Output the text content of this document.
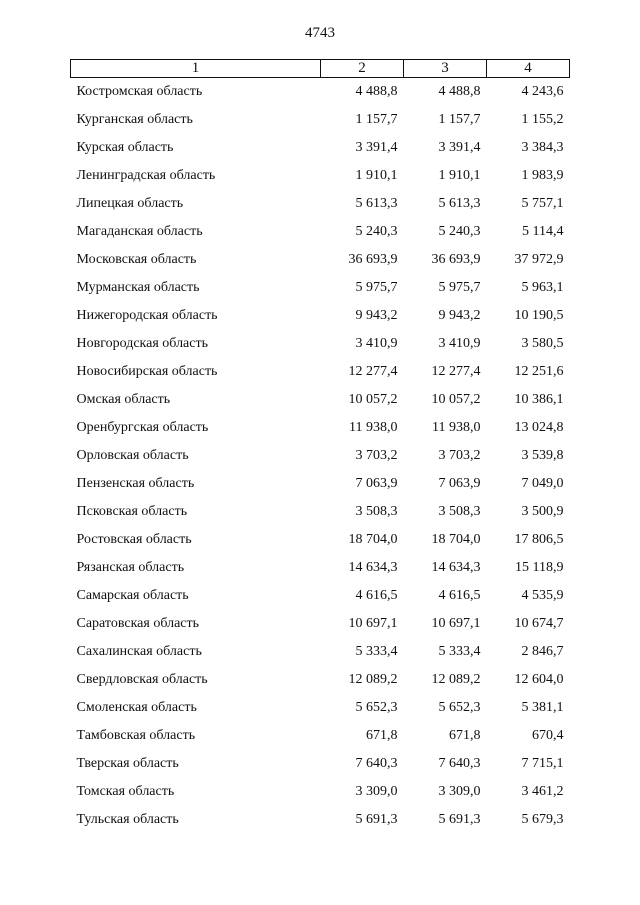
4743
1	2	3	4
Костромская область	4 488,8	4 488,8	4 243,6
Курганская область	1 157,7	1 157,7	1 155,2
Курская область	3 391,4	3 391,4	3 384,3
Ленинградская область	1 910,1	1 910,1	1 983,9
Липецкая область	5 613,3	5 613,3	5 757,1
Магаданская область	5 240,3	5 240,3	5 114,4
Московская область	36 693,9	36 693,9	37 972,9
Мурманская область	5 975,7	5 975,7	5 963,1
Нижегородская область	9 943,2	9 943,2	10 190,5
Новгородская область	3 410,9	3 410,9	3 580,5
Новосибирская область	12 277,4	12 277,4	12 251,6
Омская область	10 057,2	10 057,2	10 386,1
Оренбургская область	11 938,0	11 938,0	13 024,8
Орловская область	3 703,2	3 703,2	3 539,8
Пензенская область	7 063,9	7 063,9	7 049,0
Псковская область	3 508,3	3 508,3	3 500,9
Ростовская область	18 704,0	18 704,0	17 806,5
Рязанская область	14 634,3	14 634,3	15 118,9
Самарская область	4 616,5	4 616,5	4 535,9
Саратовская область	10 697,1	10 697,1	10 674,7
Сахалинская область	5 333,4	5 333,4	2 846,7
Свердловская область	12 089,2	12 089,2	12 604,0
Смоленская область	5 652,3	5 652,3	5 381,1
Тамбовская область	671,8	671,8	670,4
Тверская область	7 640,3	7 640,3	7 715,1
Томская область	3 309,0	3 309,0	3 461,2
Тульская область	5 691,3	5 691,3	5 679,3
